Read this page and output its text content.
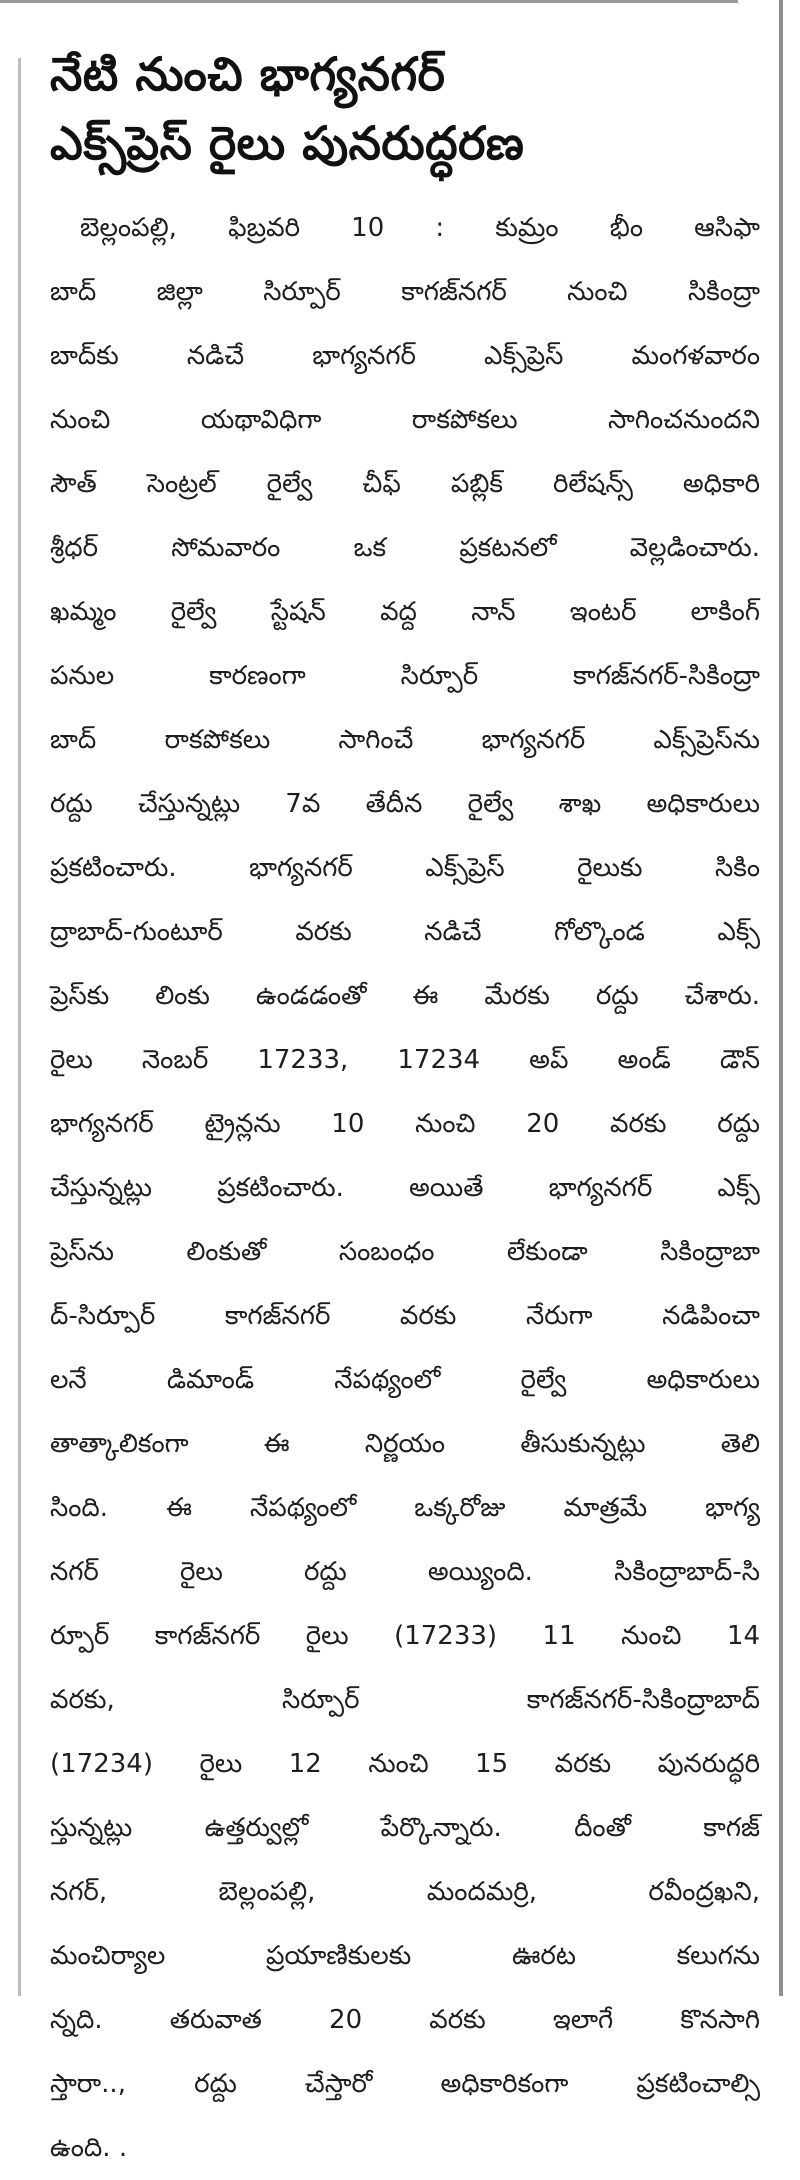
నేటి నుంచి భాగ్యనగర్
ఎక్స్‌ప్రెస్ రైలు పునరుద్ధరణ
బెల్లంపల్లి, ఫిబ్రవరి 10 : కుమ్రం భీం ఆసిఫా
బాద్ జిల్లా సిర్పూర్ కాగజ్‌నగర్ నుంచి సికింద్రా
బాద్‌కు నడిచే భాగ్యనగర్ ఎక్స్‌ప్రెస్ మంగళవారం
నుంచి యథావిధిగా రాకపోకలు సాగించనుందని
సౌత్ సెంట్రల్ రైల్వే చీఫ్ పబ్లిక్ రిలేషన్స్ అధికారి
శ్రీధర్ సోమవారం ఒక ప్రకటనలో వెల్లడించారు.
ఖమ్మం రైల్వే స్టేషన్ వద్ద నాన్ ఇంటర్ లాకింగ్
పనుల కారణంగా సిర్పూర్ కాగజ్‌నగర్-సికింద్రా
బాద్ రాకపోకలు సాగించే భాగ్యనగర్ ఎక్స్‌ప్రెస్‌ను
రద్దు చేస్తున్నట్లు 7వ తేదీన రైల్వే శాఖ అధికారులు
ప్రకటించారు. భాగ్యనగర్ ఎక్స్‌ప్రెస్ రైలుకు సికిం
ద్రాబాద్-గుంటూర్ వరకు నడిచే గోల్కొండ ఎక్స్
ప్రెస్‌కు లింకు ఉండడంతో ఈ మేరకు రద్దు చేశారు.
రైలు నెంబర్ 17233, 17234 అప్ అండ్ డౌన్
భాగ్యనగర్ ట్రైన్లను 10 నుంచి 20 వరకు రద్దు
చేస్తున్నట్లు ప్రకటించారు. అయితే భాగ్యనగర్ ఎక్స్
ప్రెస్‌ను లింకుతో సంబంధం లేకుండా సికింద్రాబా
ద్-సిర్పూర్ కాగజ్‌నగర్ వరకు నేరుగా నడిపించా
లనే డిమాండ్ నేపథ్యంలో రైల్వే అధికారులు
తాత్కాలికంగా ఈ నిర్ణయం తీసుకున్నట్లు తెలి
సింది. ఈ నేపథ్యంలో ఒక్కరోజు మాత్రమే భాగ్య
నగర్ రైలు రద్దు అయ్యింది. సికింద్రాబాద్-సి
ర్పూర్ కాగజ్‌నగర్ రైలు (17233) 11 నుంచి 14
వరకు, సిర్పూర్ కాగజ్‌నగర్-సికింద్రాబాద్
(17234) రైలు 12 నుంచి 15 వరకు పునరుద్ధరి
స్తున్నట్లు ఉత్తర్వుల్లో పేర్కొన్నారు. దీంతో కాగజ్
నగర్, బెల్లంపల్లి, మందమర్రి, రవీంద్రఖని,
మంచిర్యాల ప్రయాణికులకు ఊరట కలుగను
న్నది. తరువాత 20 వరకు ఇలాగే కొనసాగి
స్తారా.., రద్దు చేస్తారో అధికారికంగా ప్రకటించాల్సి
ఉంది. .
